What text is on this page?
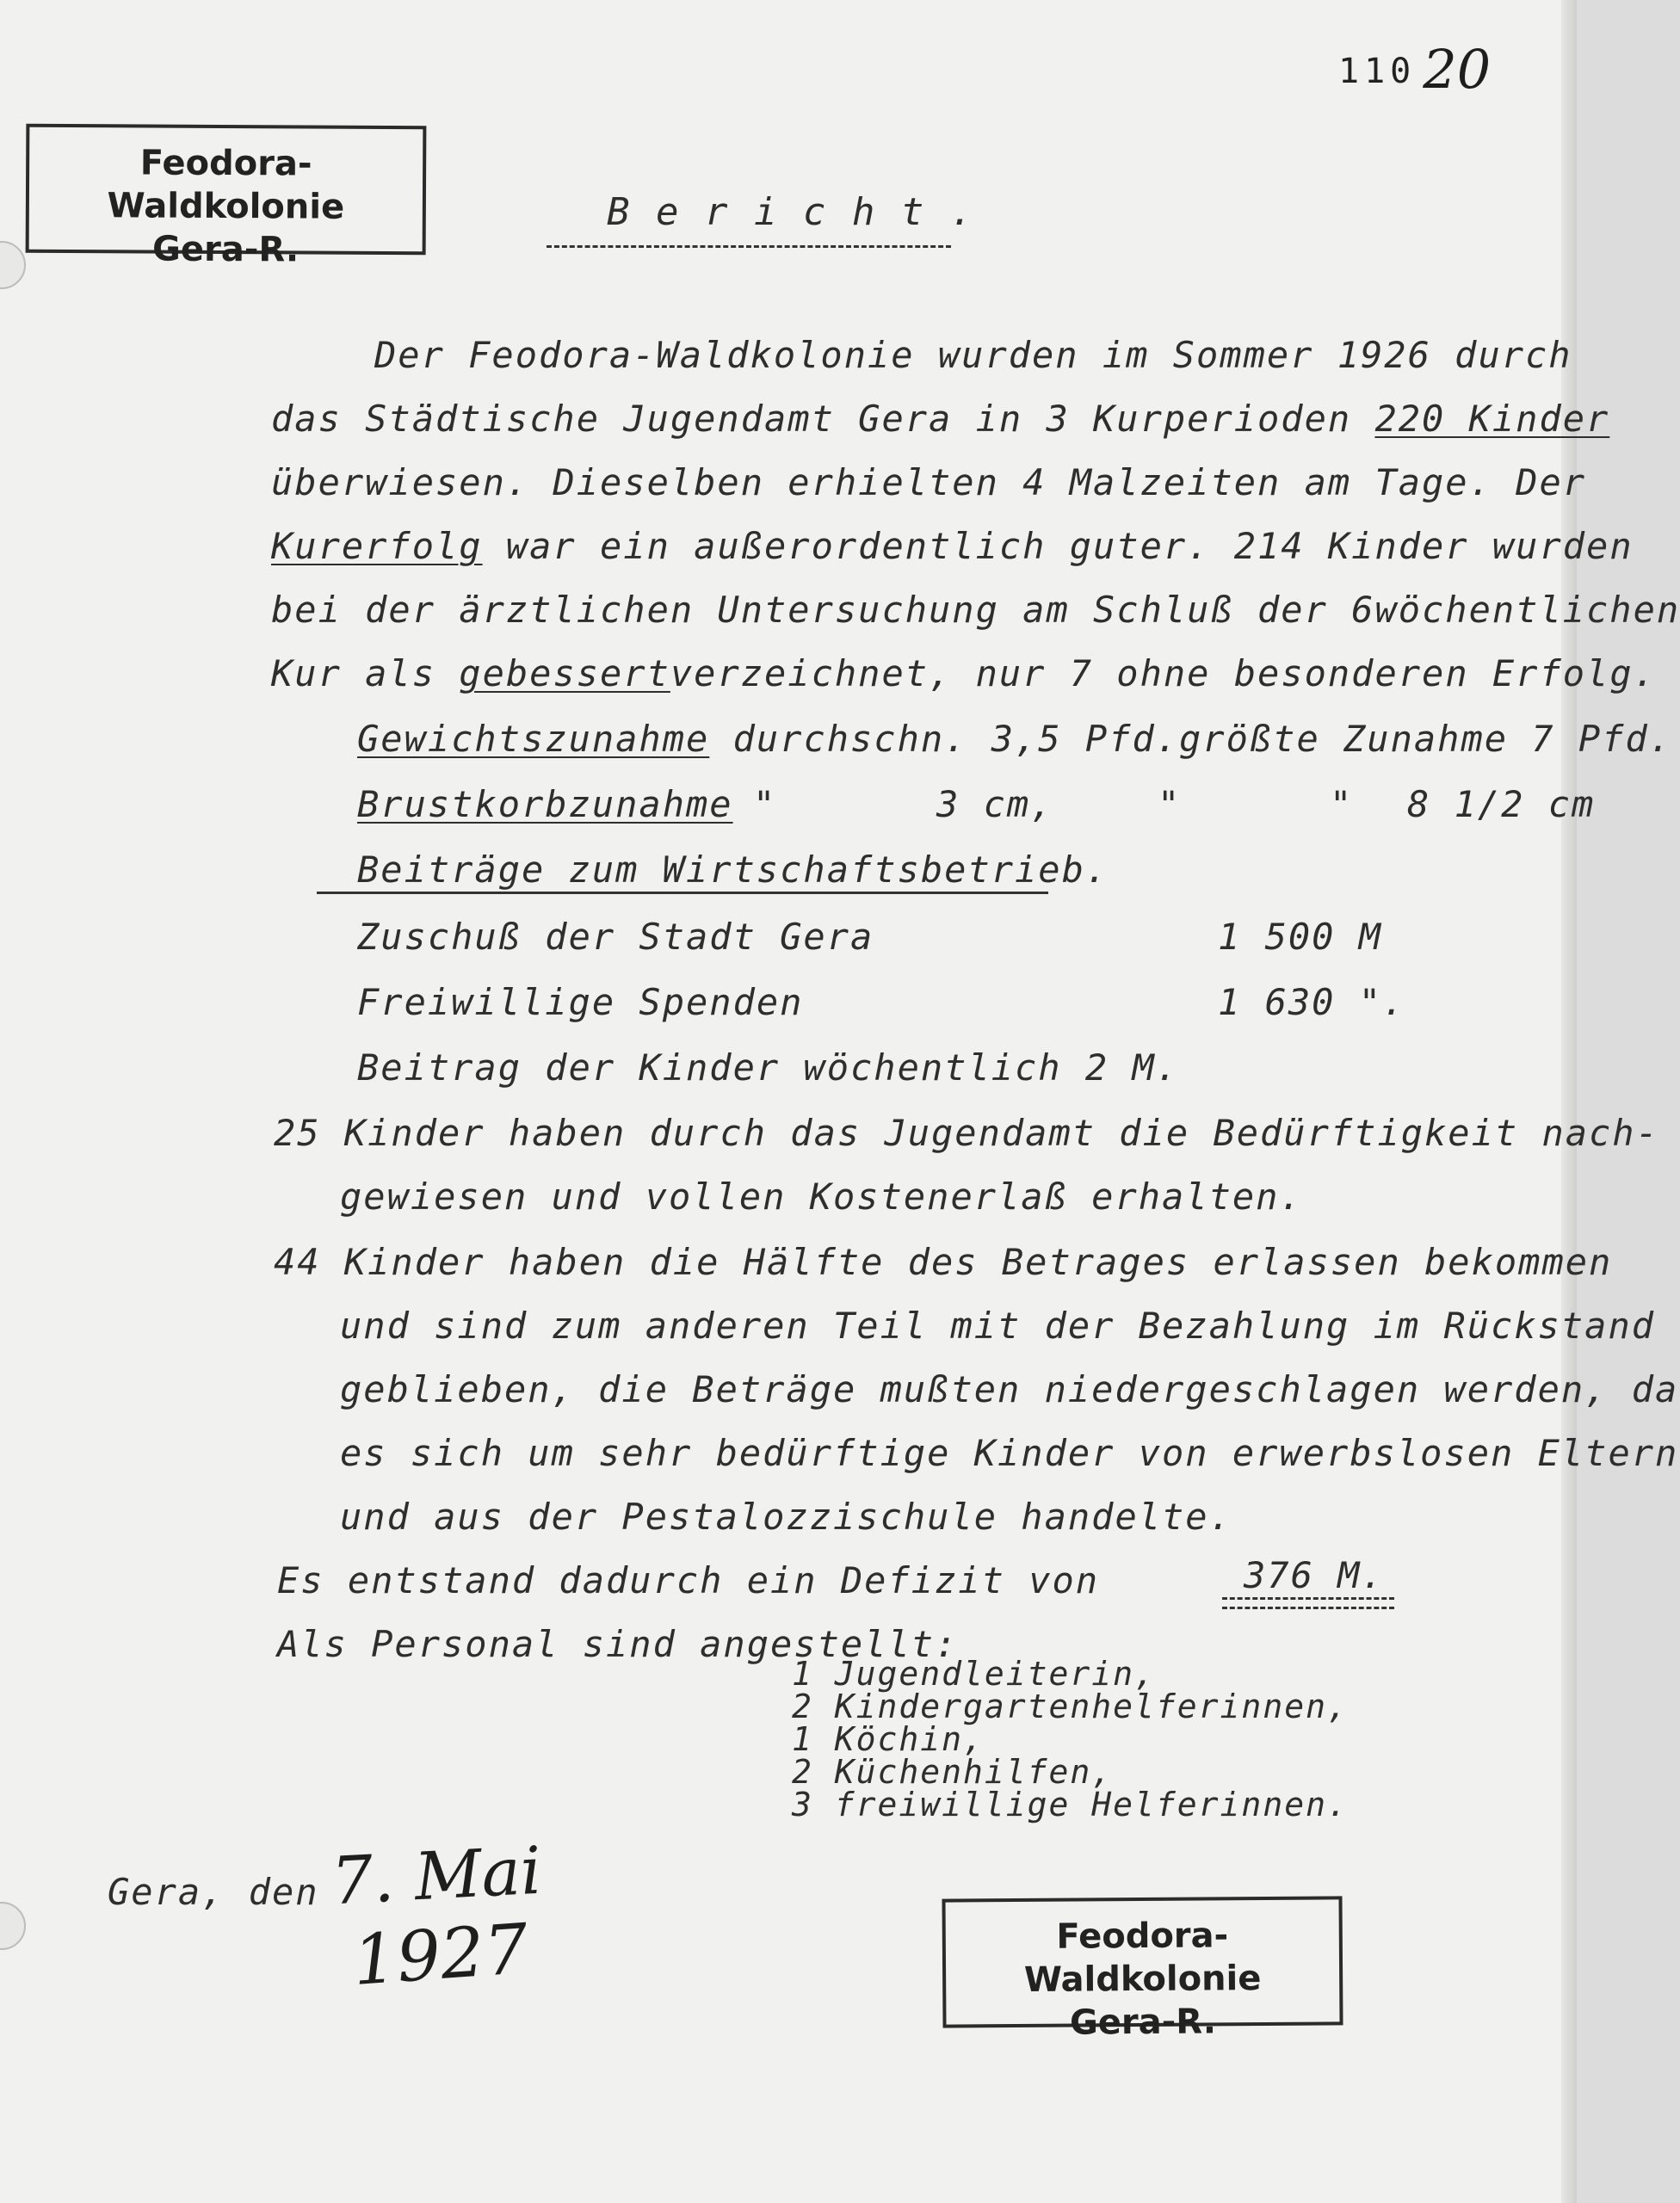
110 20
Feodora-Waldkolonie
Gera-R.
B e r i c h t .
Der Feodora-Waldkolonie wurden im Sommer 1926 durch
das Städtische Jugendamt Gera in 3 Kurperioden 220 Kinder
überwiesen. Dieselben erhielten 4 Malzeiten am Tage. Der
Kurerfolg war ein außerordentlich guter. 214 Kinder wurden
bei der ärztlichen Untersuchung am Schluß der 6wöchentlichen
Kur als gebessertverzeichnet, nur 7 ohne besonderen Erfolg.
Gewichtszunahme durchschn. 3,5 Pfd.größte Zunahme 7 Pfd.
Brustkorbzunahme "	3 cm,	"	" 8 1/2 cm
Beiträge zum Wirtschaftsbetrieb.
Zuschuß der Stadt Gera	1 500 M
Freiwillige Spenden	1 630 ".
Beitrag der Kinder wöchentlich 2 M.
25 Kinder haben durch das Jugendamt die Bedürftigkeit nach-
gewiesen und vollen Kostenerlaß erhalten.
44 Kinder haben die Hälfte des Betrages erlassen bekommen
und sind zum anderen Teil mit der Bezahlung im Rückstand
geblieben, die Beträge mußten niedergeschlagen werden, da
es sich um sehr bedürftige Kinder von erwerbslosen Eltern
und aus der Pestalozzischule handelte.
Es entstand dadurch ein Defizit von	376 M.
Als Personal sind angestellt:
1 Jugendleiterin,
2 Kindergartenhelferinnen,
1 Köchin,
2 Küchenhilfen,
3 freiwillige Helferinnen.
Gera, den 7. Mai
1927	Feodora-Waldkolonie
Gera-R.
